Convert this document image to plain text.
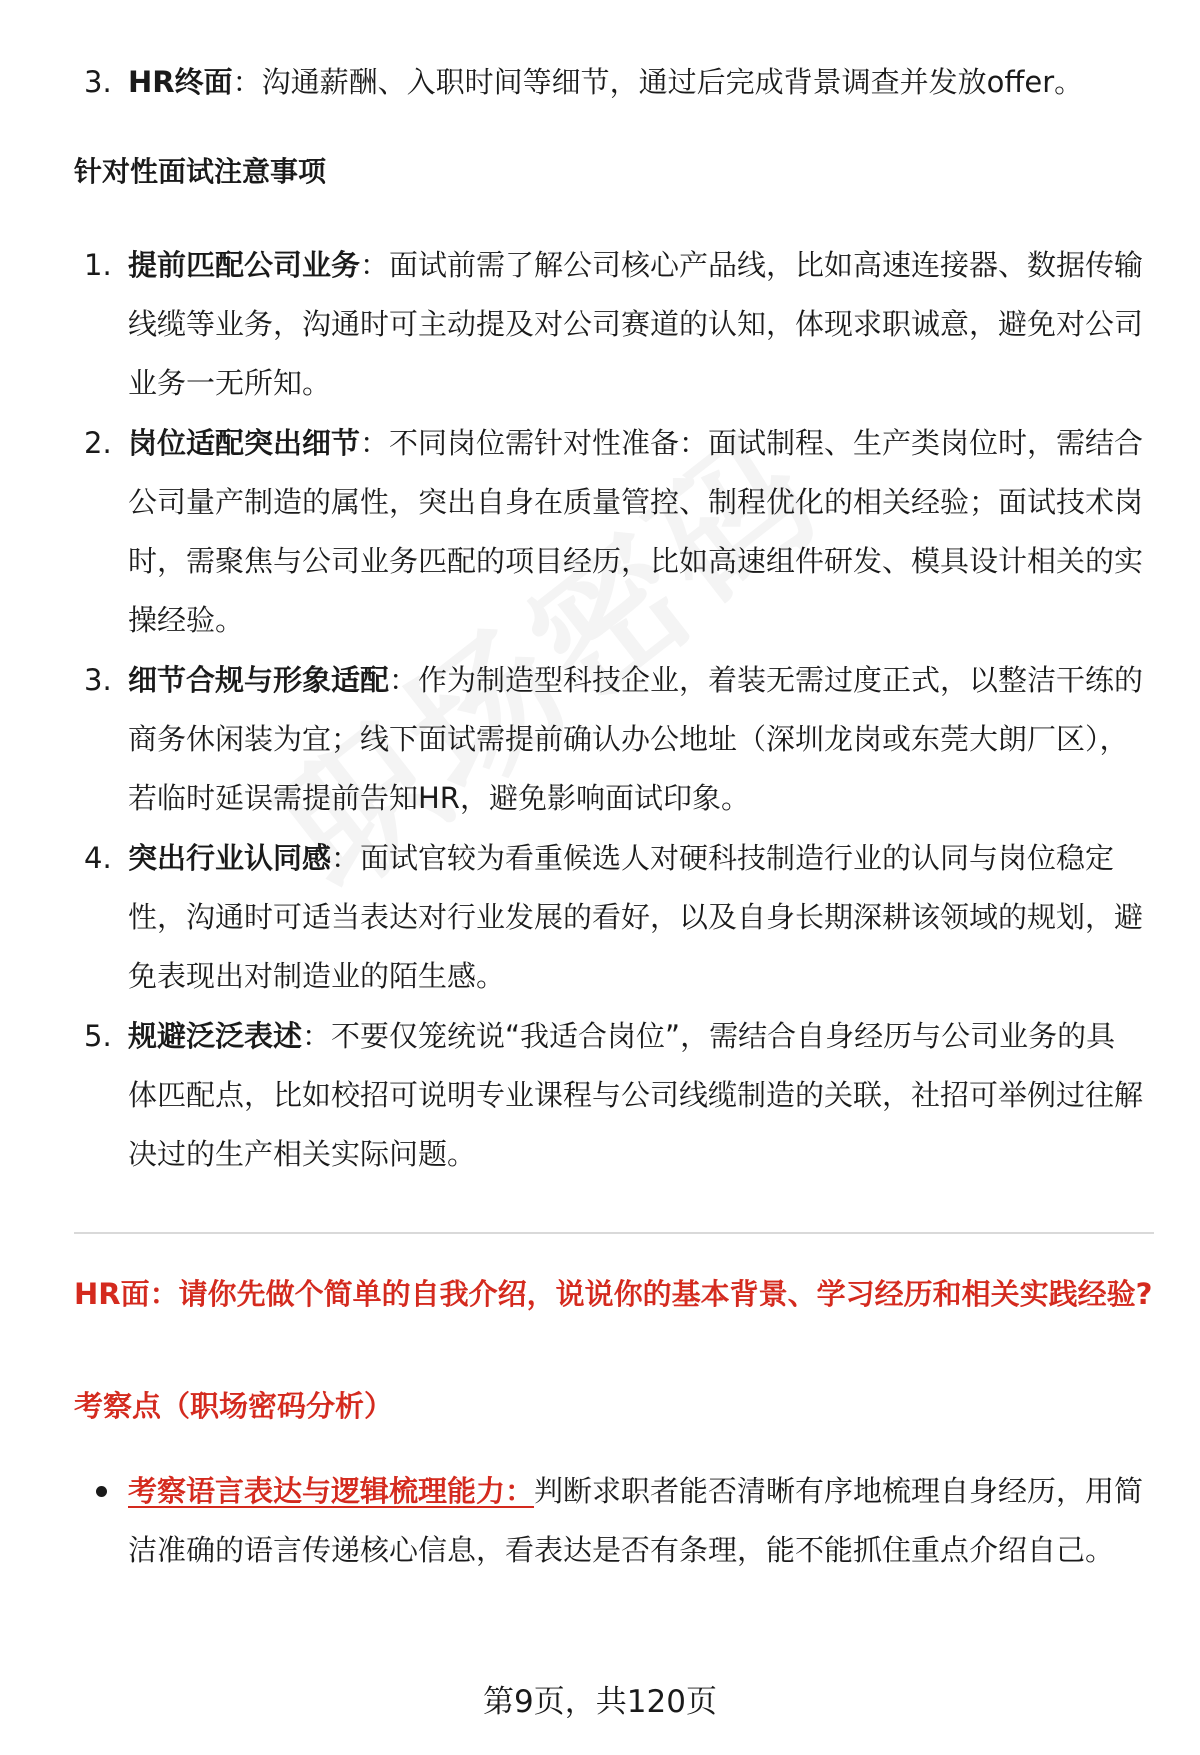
3. HR终面：沟通薪酬、入职时间等细节，通过后完成背景调查并发放offer。
针对性面试注意事项
1. 提前匹配公司业务：面试前需了解公司核心产品线，比如高速连接器、数据传输线缆等业务，沟通时可主动提及对公司赛道的认知，体现求职诚意，避免对公司业务一无所知。
2. 岗位适配突出细节：不同岗位需针对性准备：面试制程、生产类岗位时，需结合公司量产制造的属性，突出自身在质量管控、制程优化的相关经验；面试技术岗时，需聚焦与公司业务匹配的项目经历，比如高速组件研发、模具设计相关的实操经验。
3. 细节合规与形象适配：作为制造型科技企业，着装无需过度正式，以整洁干练的商务休闲装为宜；线下面试需提前确认办公地址（深圳龙岗或东莞大朗厂区），若临时延误需提前告知HR，避免影响面试印象。
4. 突出行业认同感：面试官较为看重候选人对硬科技制造行业的认同与岗位稳定性，沟通时可适当表达对行业发展的看好，以及自身长期深耕该领域的规划，避免表现出对制造业的陌生感。
5. 规避泛泛表述：不要仅笼统说“我适合岗位”，需结合自身经历与公司业务的具体匹配点，比如校招可说明专业课程与公司线缆制造的关联，社招可举例过往解决过的生产相关实际问题。
HR面：请你先做个简单的自我介绍，说说你的基本背景、学习经历和相关实践经验?
考察点（职场密码分析）
考察语言表达与逻辑梳理能力：判断求职者能否清晰有序地梳理自身经历，用简洁准确的语言传递核心信息，看表达是否有条理，能不能抓住重点介绍自己。
第9页，共120页
